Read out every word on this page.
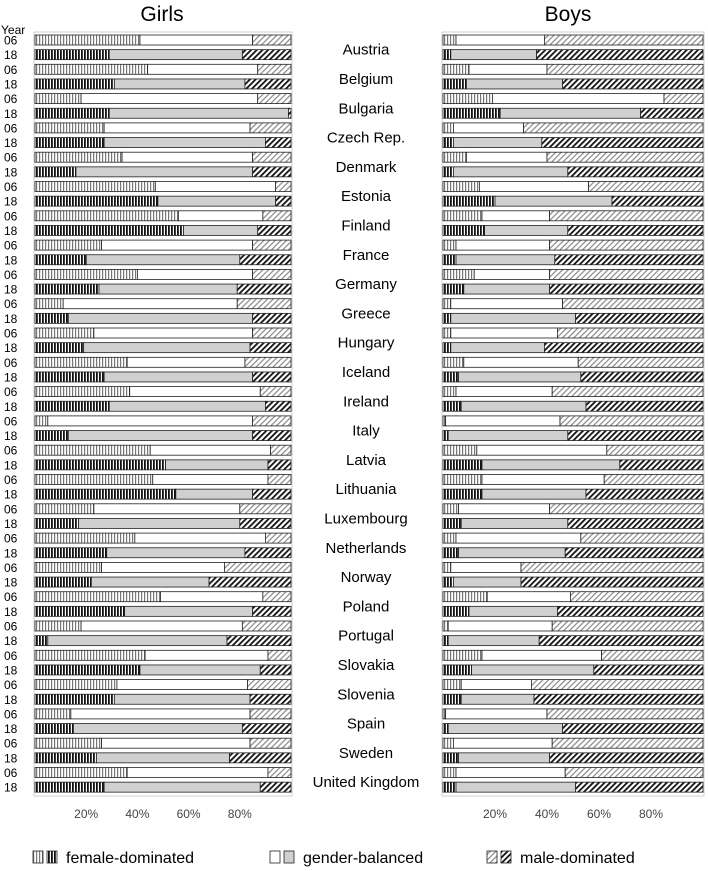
Girls	Boys
Year
06
18	Austria
06
18	Belgium
06
18	Bulgaria
06
18	Czech Rep.
06
18	Denmark
06
18	Estonia
06
18	Finland
06
18	France
06
18	Germany
06
18	Greece
06
18	Hungary
06
18	Iceland
06
18	Ireland
06
18	Italy
06
18	Latvia
06
18	Lithuania
06
18	Luxembourg
06
18	Netherlands
06
18	Norway
06
18	Poland
06
18	Portugal
06
18	Slovakia
06
18	Slovenia
06
18	Spain
06
18	Sweden
06
18	United Kingdom
20% 40% 60% 80%	20% 40% 60% 80%
female-dominated	gender-balanced	male-dominated
